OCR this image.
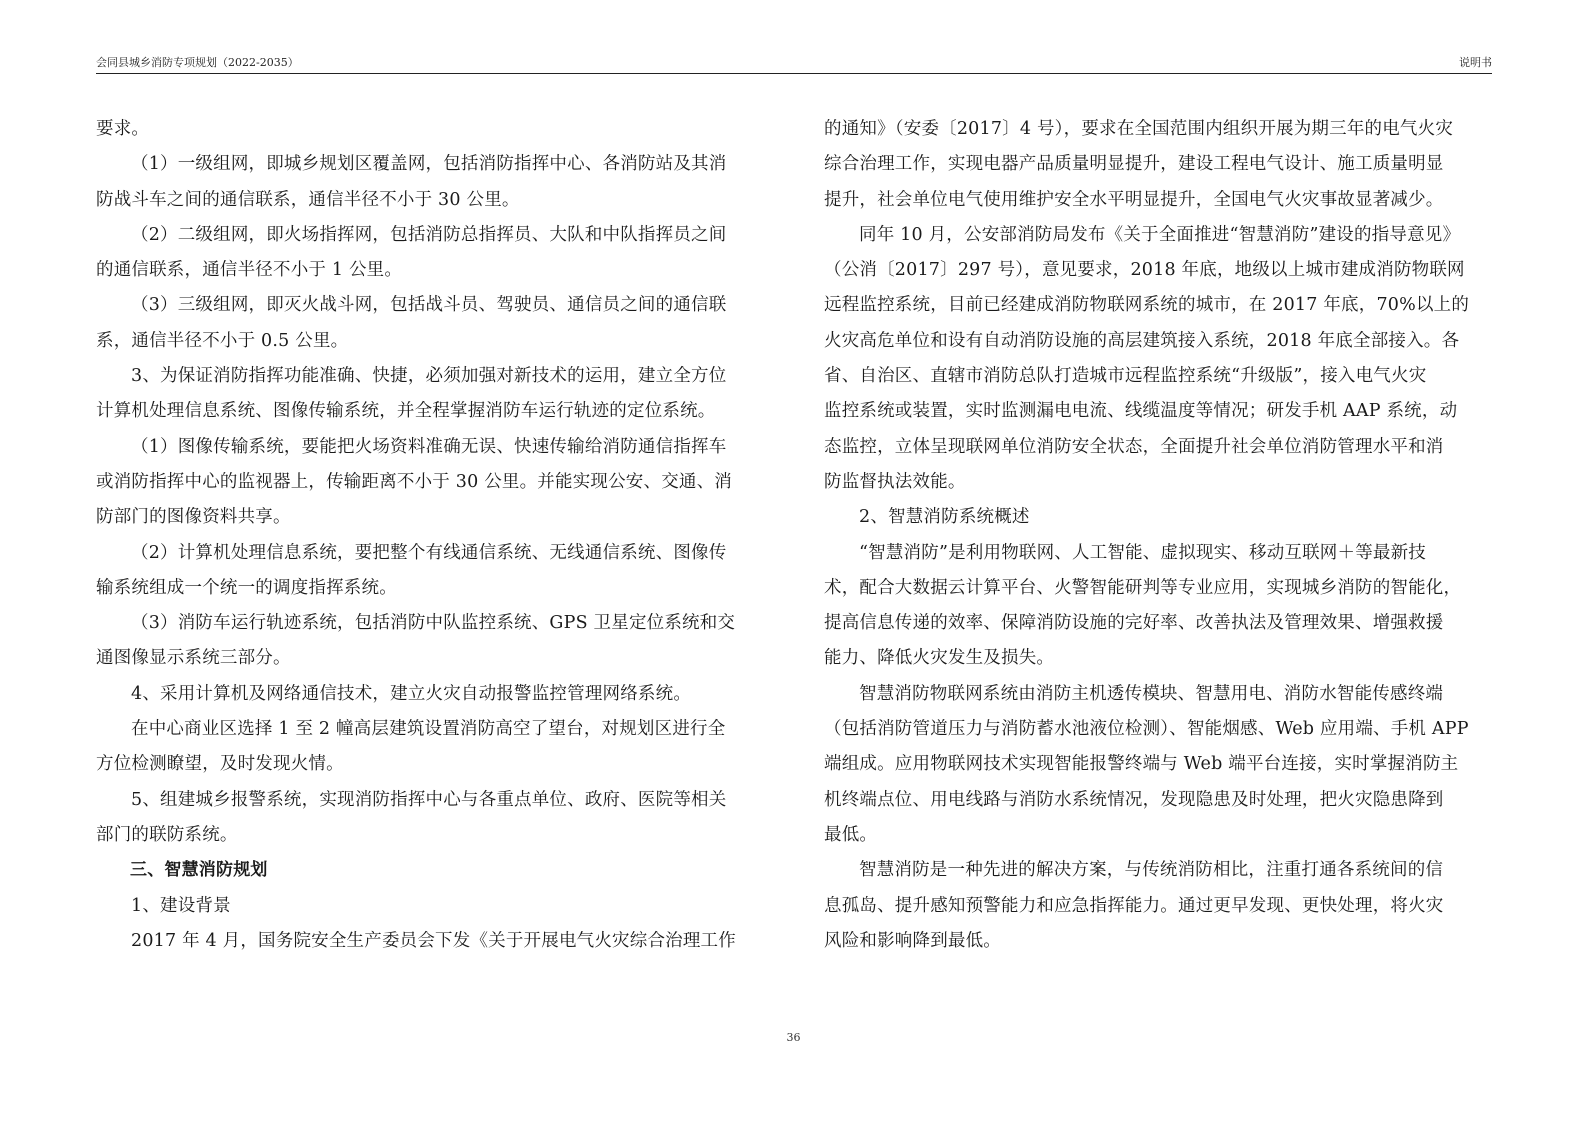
会同县城乡消防专项规划（2022-2035）	说明书

要求。

（1）一级组网，即城乡规划区覆盖网，包括消防指挥中心、各消防站及其消
防战斗车之间的通信联系，通信半径不小于 30 公里。

（2）二级组网，即火场指挥网，包括消防总指挥员、大队和中队指挥员之间
的通信联系，通信半径不小于 1 公里。

（3）三级组网，即灭火战斗网，包括战斗员、驾驶员、通信员之间的通信联
系，通信半径不小于 0.5 公里。

3、为保证消防指挥功能准确、快捷，必须加强对新技术的运用，建立全方位
计算机处理信息系统、图像传输系统，并全程掌握消防车运行轨迹的定位系统。

（1）图像传输系统，要能把火场资料准确无误、快速传输给消防通信指挥车
或消防指挥中心的监视器上，传输距离不小于 30 公里。并能实现公安、交通、消
防部门的图像资料共享。

（2）计算机处理信息系统，要把整个有线通信系统、无线通信系统、图像传
输系统组成一个统一的调度指挥系统。

（3）消防车运行轨迹系统，包括消防中队监控系统、GPS 卫星定位系统和交
通图像显示系统三部分。

4、采用计算机及网络通信技术，建立火灾自动报警监控管理网络系统。

在中心商业区选择 1 至 2 幢高层建筑设置消防高空了望台，对规划区进行全
方位检测瞭望，及时发现火情。

5、组建城乡报警系统，实现消防指挥中心与各重点单位、政府、医院等相关
部门的联防系统。

三、智慧消防规划

1、建设背景

2017 年 4 月，国务院安全生产委员会下发《关于开展电气火灾综合治理工作

的通知》（安委〔2017〕4 号），要求在全国范围内组织开展为期三年的电气火灾
综合治理工作，实现电器产品质量明显提升，建设工程电气设计、施工质量明显
提升，社会单位电气使用维护安全水平明显提升，全国电气火灾事故显著减少。

同年 10 月，公安部消防局发布《关于全面推进“智慧消防”建设的指导意见》
（公消〔2017〕297 号），意见要求，2018 年底，地级以上城市建成消防物联网
远程监控系统，目前已经建成消防物联网系统的城市，在 2017 年底，70%以上的
火灾高危单位和设有自动消防设施的高层建筑接入系统，2018 年底全部接入。各
省、自治区、直辖市消防总队打造城市远程监控系统“升级版”，接入电气火灾
监控系统或装置，实时监测漏电电流、线缆温度等情况；研发手机 AAP 系统，动
态监控，立体呈现联网单位消防安全状态，全面提升社会单位消防管理水平和消
防监督执法效能。

2、智慧消防系统概述

“智慧消防”是利用物联网、人工智能、虚拟现实、移动互联网＋等最新技
术，配合大数据云计算平台、火警智能研判等专业应用，实现城乡消防的智能化，
提高信息传递的效率、保障消防设施的完好率、改善执法及管理效果、增强救援
能力、降低火灾发生及损失。

智慧消防物联网系统由消防主机透传模块、智慧用电、消防水智能传感终端
（包括消防管道压力与消防蓄水池液位检测）、智能烟感、Web 应用端、手机 APP
端组成。应用物联网技术实现智能报警终端与 Web 端平台连接，实时掌握消防主
机终端点位、用电线路与消防水系统情况，发现隐患及时处理，把火灾隐患降到
最低。

智慧消防是一种先进的解决方案，与传统消防相比，注重打通各系统间的信
息孤岛、提升感知预警能力和应急指挥能力。通过更早发现、更快处理，将火灾
风险和影响降到最低。

36
